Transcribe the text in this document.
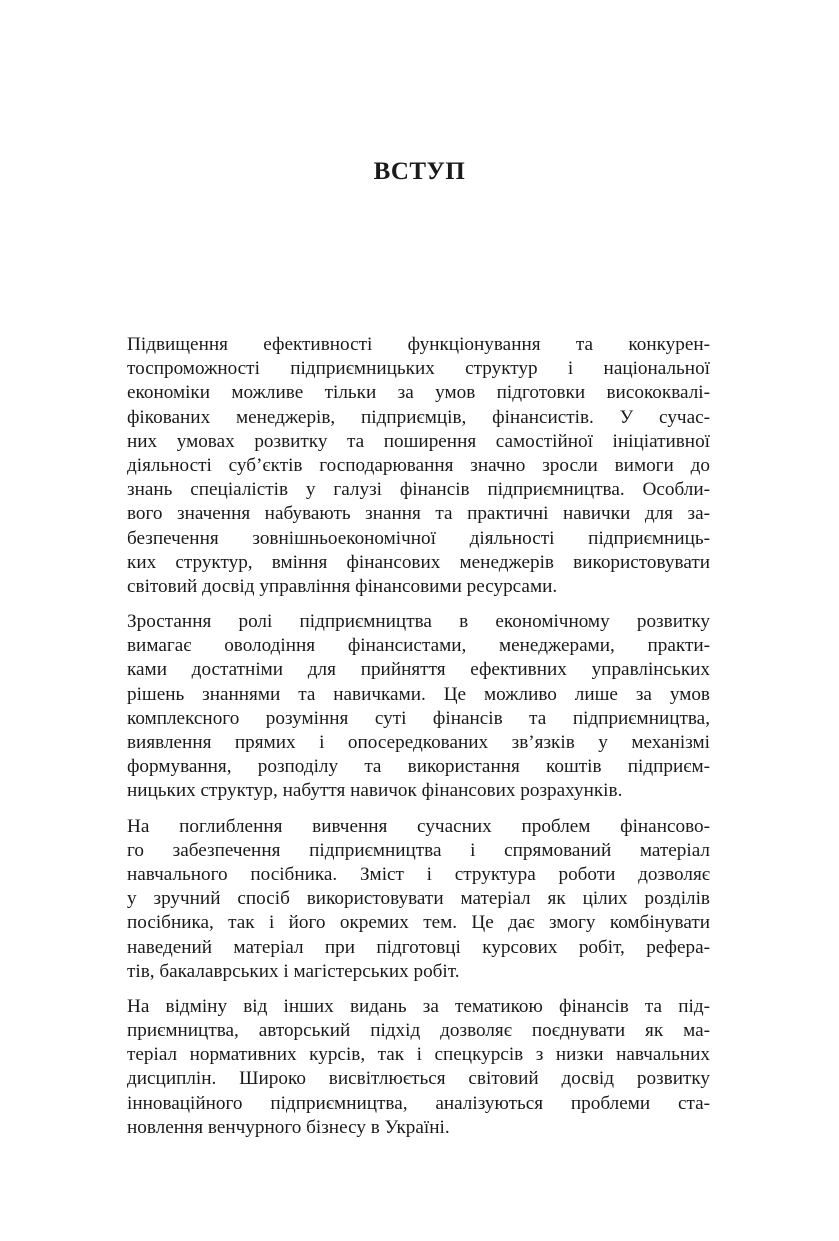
ВСТУП

Підвищення ефективності функціонування та конкурен-
тоспроможності підприємницьких структур і національної
економіки можливе тільки за умов підготовки висококвалі-
фікованих менеджерів, підприємців, фінансистів. У сучас-
них умовах розвитку та поширення самостійної ініціативної
діяльності суб’єктів господарювання значно зросли вимоги до
знань спеціалістів у галузі фінансів підприємництва. Особли-
вого значення набувають знання та практичні навички для за-
безпечення зовнішньоекономічної діяльності підприємниць-
ких структур, вміння фінансових менеджерів використовувати
світовий досвід управління фінансовими ресурсами.

Зростання ролі підприємництва в економічному розвитку
вимагає оволодіння фінансистами, менеджерами, практи-
ками достатніми для прийняття ефективних управлінських
рішень знаннями та навичками. Це можливо лише за умов
комплексного розуміння суті фінансів та підприємництва,
виявлення прямих і опосередкованих зв’язків у механізмі
формування, розподілу та використання коштів підприєм-
ницьких структур, набуття навичок фінансових розрахунків.

На поглиблення вивчення сучасних проблем фінансово-
го забезпечення підприємництва і спрямований матеріал
навчального посібника. Зміст і структура роботи дозволяє
у зручний спосіб використовувати матеріал як цілих розділів
посібника, так і його окремих тем. Це дає змогу комбінувати
наведений матеріал при підготовці курсових робіт, рефера-
тів, бакалаврських і магістерських робіт.

На відміну від інших видань за тематикою фінансів та під-
приємництва, авторський підхід дозволяє поєднувати як ма-
теріал нормативних курсів, так і спецкурсів з низки навчальних
дисциплін. Широко висвітлюється світовий досвід розвитку
інноваційного підприємництва, аналізуються проблеми ста-
новлення венчурного бізнесу в Україні.
